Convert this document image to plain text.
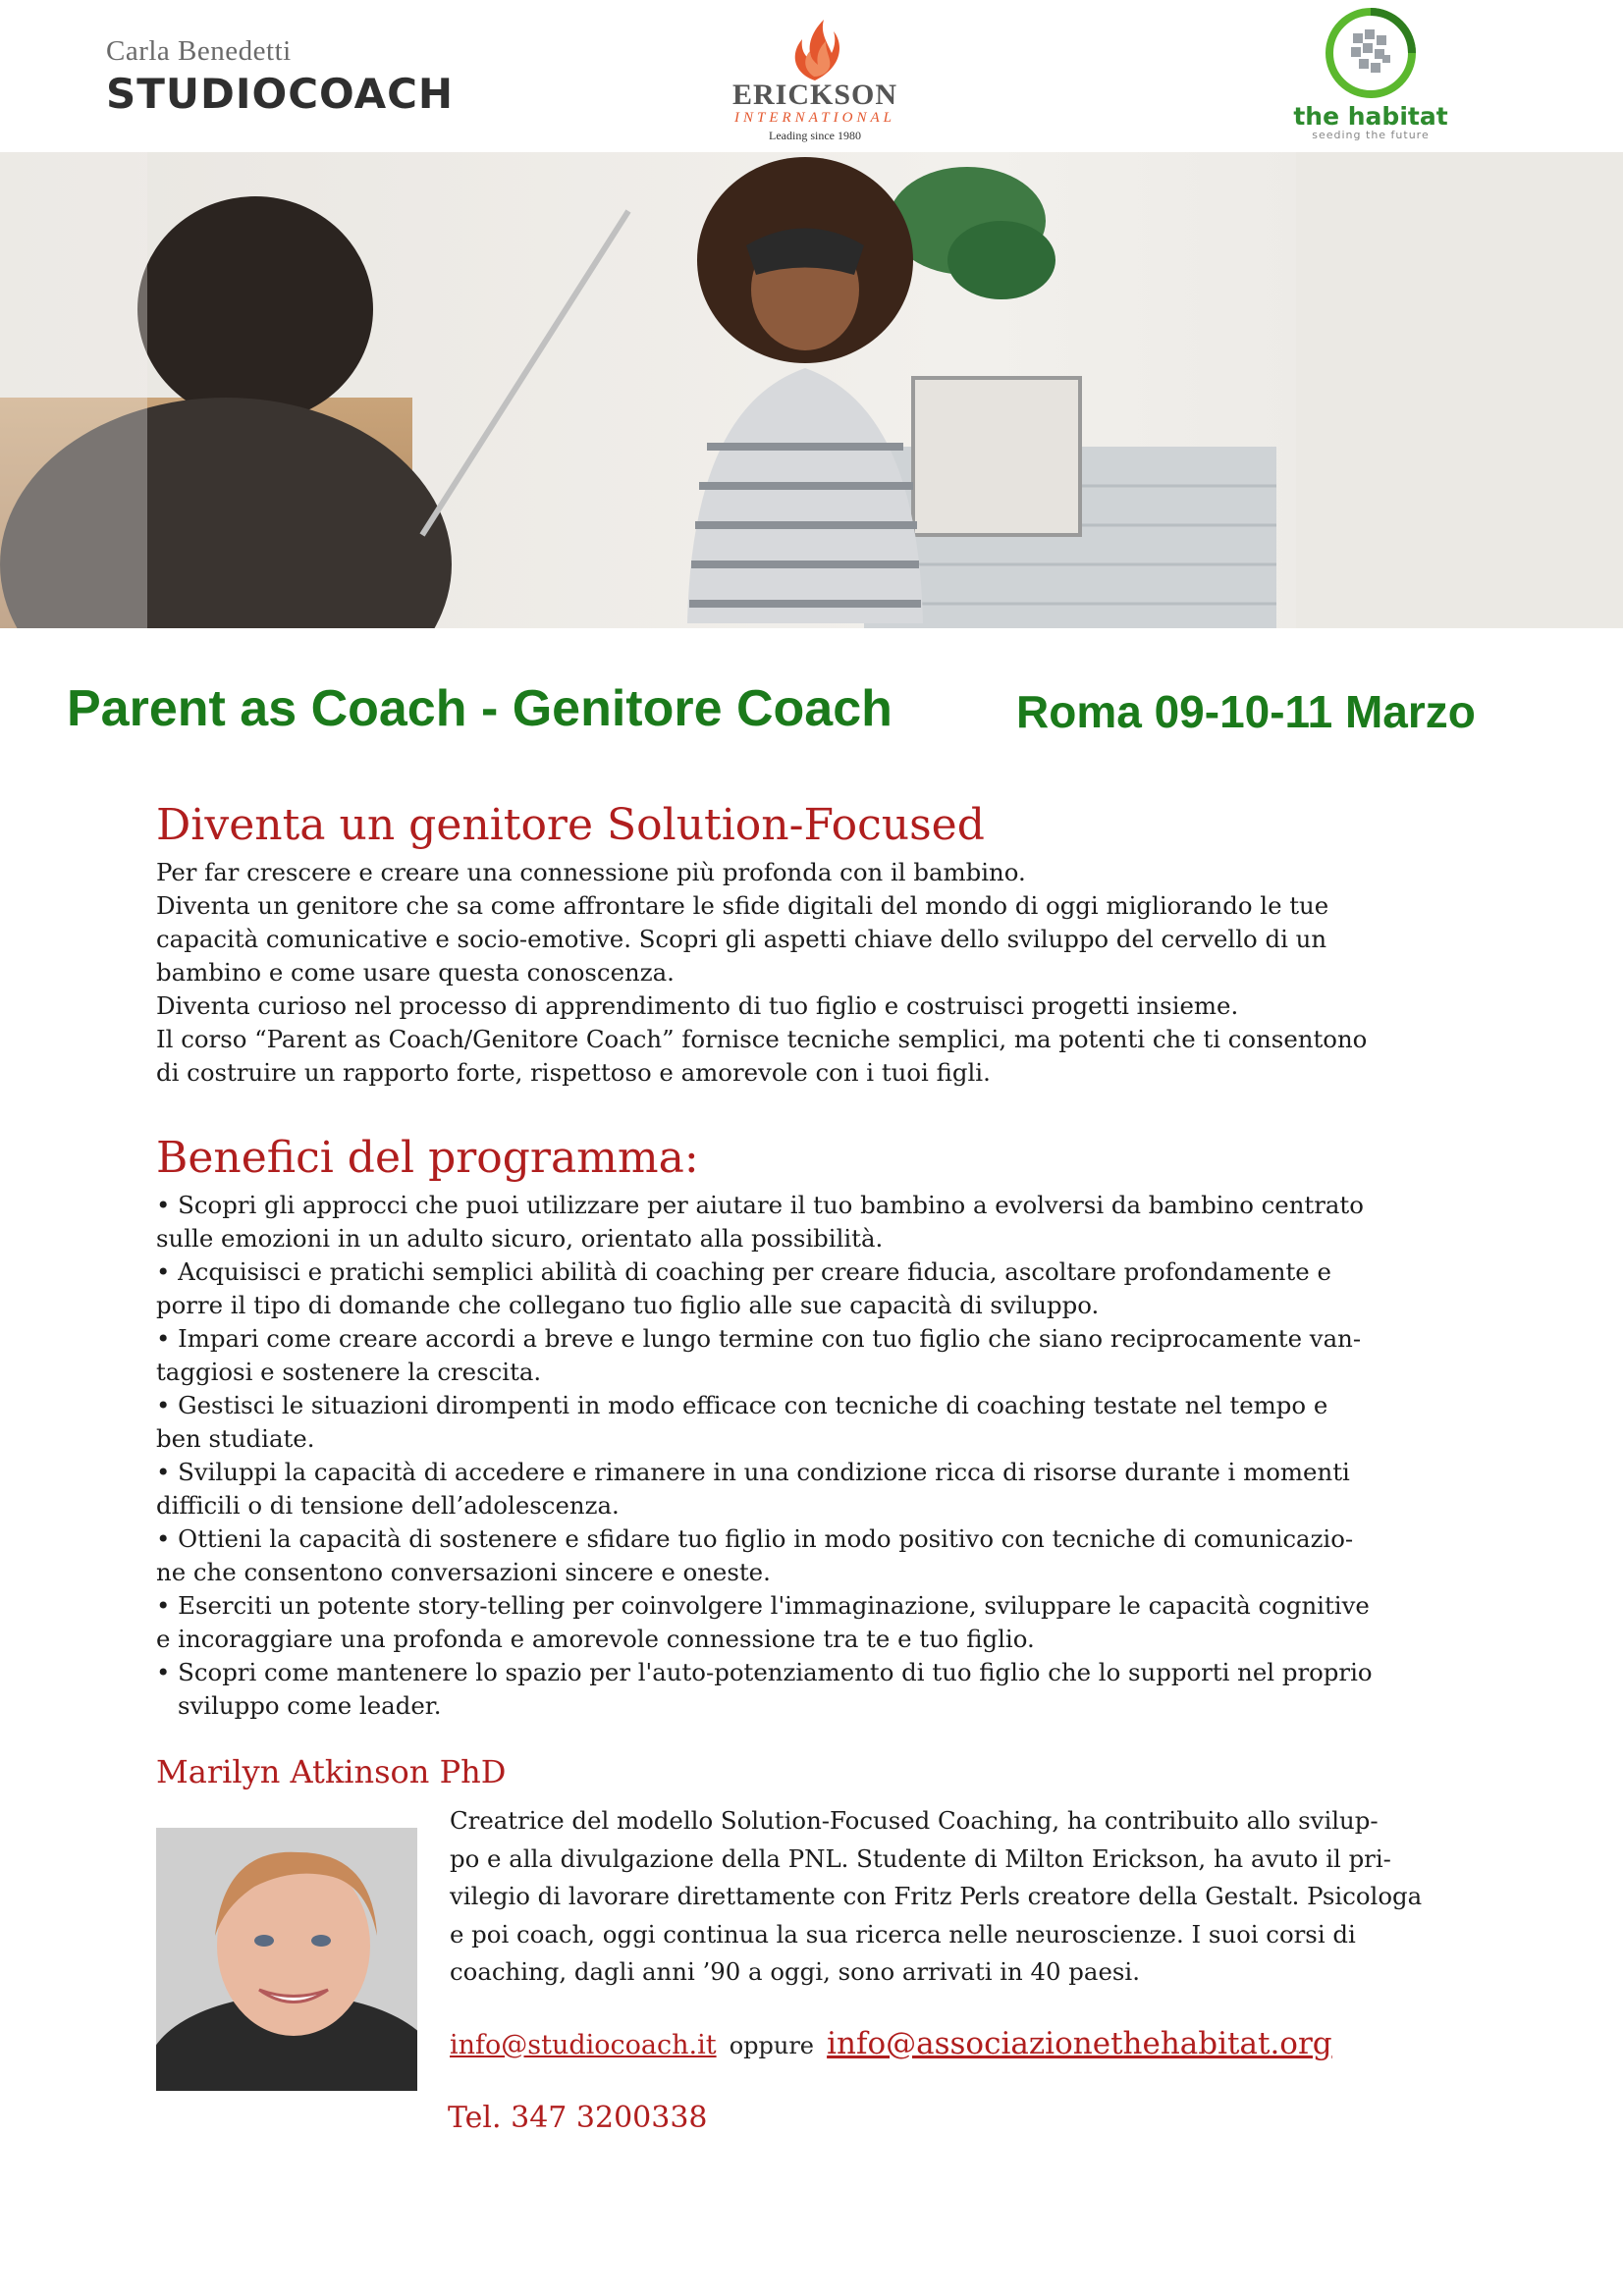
Carla Benedetti
STUDIOCOACH	ERICKSON
INTERNATIONAL
Leading since 1980
the habitat
seeding the future
Parent as Coach - Genitore Coach	Roma 09-10-11 Marzo
Diventa un genitore Solution-Focused

Per far crescere e creare una connessione più profonda con il bambino.

Diventa un genitore che sa come affrontare le sfide digitali del mondo di oggi migliorando le tue

capacità comunicative e socio-emotive. Scopri gli aspetti chiave dello sviluppo del cervello di un

bambino e come usare questa conoscenza.

Diventa curioso nel processo di apprendimento di tuo figlio e costruisci progetti insieme.

Il corso “Parent as Coach/Genitore Coach” fornisce tecniche semplici, ma potenti che ti consentono

di costruire un rapporto forte, rispettoso e amorevole con i tuoi figli.

Benefici del programma:

• Scopri gli approcci che puoi utilizzare per aiutare il tuo bambino a evolversi da bambino centrato

sulle emozioni in un adulto sicuro, orientato alla possibilità.

• Acquisisci e pratichi semplici abilità di coaching per creare fiducia, ascoltare profondamente e

porre il tipo di domande che collegano tuo figlio alle sue capacità di sviluppo.

• Impari come creare accordi a breve e lungo termine con tuo figlio che siano reciprocamente van-

taggiosi e sostenere la crescita.

• Gestisci le situazioni dirompenti in modo efficace con tecniche di coaching testate nel tempo e

ben studiate.

• Sviluppi la capacità di accedere e rimanere in una condizione ricca di risorse durante i momenti

difficili o di tensione dell’adolescenza.

• Ottieni la capacità di sostenere e sfidare tuo figlio in modo positivo con tecniche di comunicazio-

ne che consentono conversazioni sincere e oneste.

• Eserciti un potente story-telling per coinvolgere l'immaginazione, sviluppare le capacità cognitive

e incoraggiare una profonda e amorevole connessione tra te e tuo figlio.

• Scopri come mantenere lo spazio per l'auto-potenziamento di tuo figlio che lo supporti nel proprio

sviluppo come leader.

Marilyn Atkinson PhD

Creatrice del modello Solution-Focused Coaching, ha contribuito allo svilup-

po e alla divulgazione della PNL. Studente di Milton Erickson, ha avuto il pri-

vilegio di lavorare direttamente con Fritz Perls creatore della Gestalt. Psicologa

e poi coach, oggi continua la sua ricerca nelle neuroscienze. I suoi corsi di

coaching, dagli anni ’90 a oggi, sono arrivati in 40 paesi.

info@studiocoach.it oppure info@associazionethehabitat.org
Tel. 347 3200338
